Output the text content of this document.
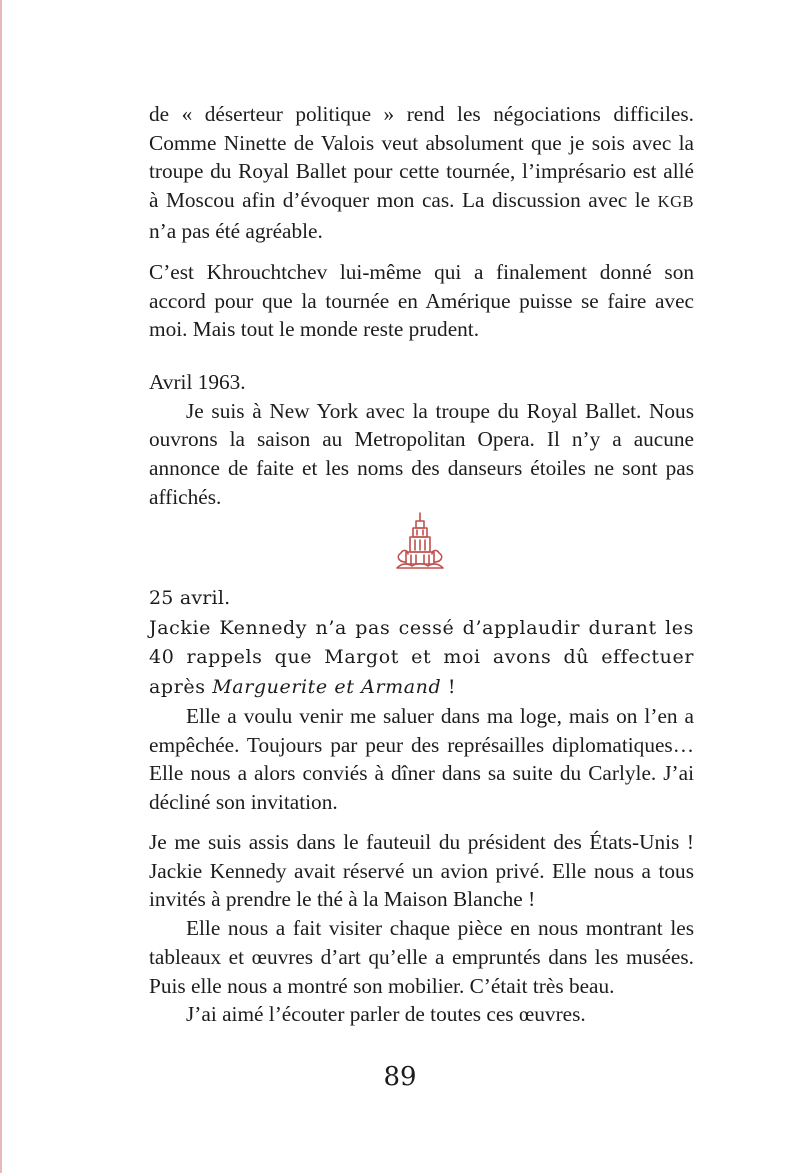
de « déserteur politique » rend les négociations difficiles. Comme Ninette de Valois veut absolument que je sois avec la troupe du Royal Ballet pour cette tournée, l’imprésario est allé à Moscou afin d’évoquer mon cas. La discussion avec le KGB n’a pas été agréable.

C’est Khrouchtchev lui-même qui a finalement donné son accord pour que la tournée en Amérique puisse se faire avec moi. Mais tout le monde reste prudent.

Avril 1963.

Je suis à New York avec la troupe du Royal Ballet. Nous ouvrons la saison au Metropolitan Opera. Il n’y a aucune annonce de faite et les noms des danseurs étoiles ne sont pas affichés.

25 avril.

Jackie Kennedy n’a pas cessé d’applaudir durant les 40 rappels que Margot et moi avons dû effectuer après Marguerite et Armand !

Elle a voulu venir me saluer dans ma loge, mais on l’en a empêchée. Toujours par peur des représailles diplomatiques… Elle nous a alors conviés à dîner dans sa suite du Carlyle. J’ai décliné son invitation.

Je me suis assis dans le fauteuil du président des États-Unis ! Jackie Kennedy avait réservé un avion privé. Elle nous a tous invités à prendre le thé à la Maison Blanche !

Elle nous a fait visiter chaque pièce en nous montrant les tableaux et œuvres d’art qu’elle a empruntés dans les musées. Puis elle nous a montré son mobilier. C’était très beau.

J’ai aimé l’écouter parler de toutes ces œuvres.

89
